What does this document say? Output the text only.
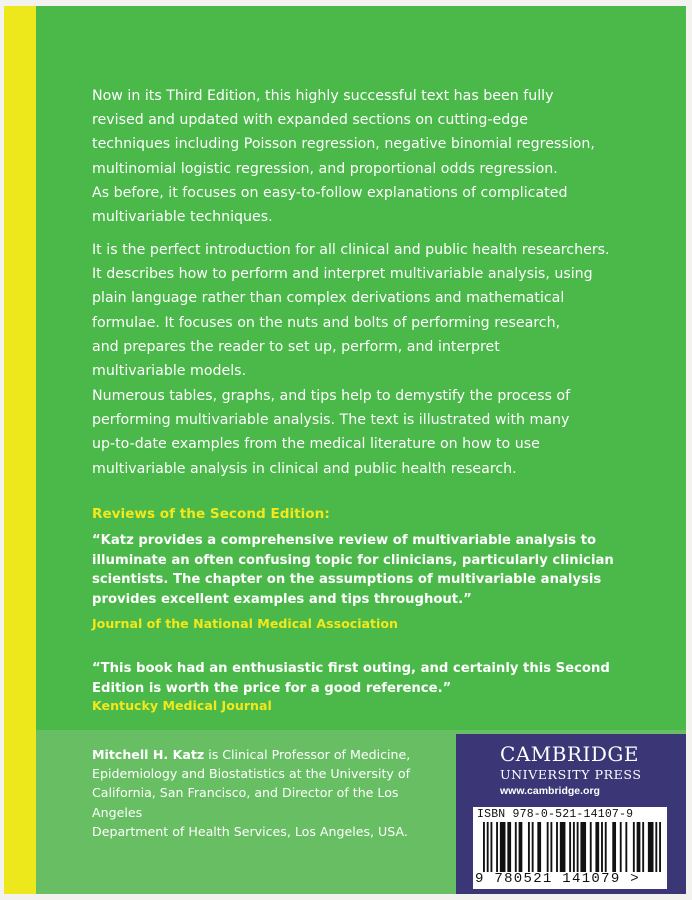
Now in its Third Edition, this highly successful text has been fully
revised and updated with expanded sections on cutting-edge
techniques including Poisson regression, negative binomial regression,
multinomial logistic regression, and proportional odds regression.
As before, it focuses on easy-to-follow explanations of complicated
multivariable techniques.

It is the perfect introduction for all clinical and public health researchers.
It describes how to perform and interpret multivariable analysis, using
plain language rather than complex derivations and mathematical
formulae. It focuses on the nuts and bolts of performing research,
and prepares the reader to set up, perform, and interpret
multivariable models.

Numerous tables, graphs, and tips help to demystify the process of
performing multivariable analysis. The text is illustrated with many
up-to-date examples from the medical literature on how to use
multivariable analysis in clinical and public health research.

Reviews of the Second Edition:

“Katz provides a comprehensive review of multivariable analysis to
illuminate an often confusing topic for clinicians, particularly clinician
scientists. The chapter on the assumptions of multivariable analysis
provides excellent examples and tips throughout.”

Journal of the National Medical Association

“This book had an enthusiastic first outing, and certainly this Second
Edition is worth the price for a good reference.”

Kentucky Medical Journal

Mitchell H. Katz is Clinical Professor of Medicine,
Epidemiology and Biostatistics at the University of
California, San Francisco, and Director of the Los Angeles
Department of Health Services, Los Angeles, USA.

CAMBRIDGE

UNIVERSITY PRESS

www.cambridge.org

ISBN 978-0-521-14107-9

9 780521 141079 >
